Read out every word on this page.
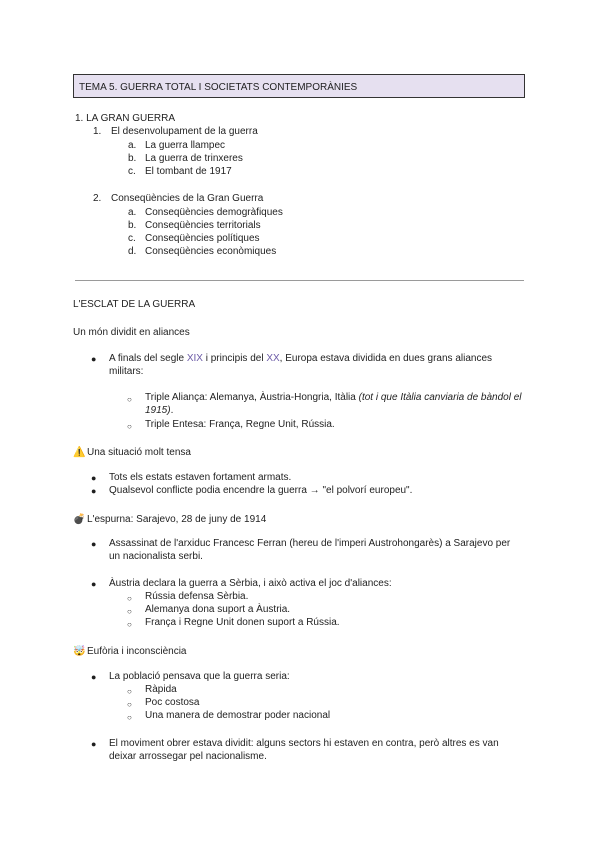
TEMA 5. GUERRA TOTAL I SOCIETATS CONTEMPORÀNIES
1. LA GRAN GUERRA
1. El desenvolupament de la guerra
a. La guerra llampec
b. La guerra de trinxeres
c. El tombant de 1917
2. Conseqüències de la Gran Guerra
a. Conseqüències demogràfiques
b. Conseqüències territorials
c. Conseqüències polítiques
d. Conseqüències econòmiques
L'ESCLAT DE LA GUERRA
Un món dividit en aliances
● A finals del segle XIX i principis del XX, Europa estava dividida en dues grans aliances
militars:
○ Triple Aliança: Alemanya, Àustria-Hongria, Itàlia (tot i que Itàlia canviaria de bàndol el
1915).
○ Triple Entesa: França, Regne Unit, Rússia.
⚠️ Una situació molt tensa
● Tots els estats estaven fortament armats.
● Qualsevol conflicte podia encendre la guerra → "el polvorí europeu".
💣 L'espurna: Sarajevo, 28 de juny de 1914
● Assassinat de l'arxiduc Francesc Ferran (hereu de l'imperi Austrohongarès) a Sarajevo per
un nacionalista serbi.
● Àustria declara la guerra a Sèrbia, i això activa el joc d'aliances:
○ Rússia defensa Sèrbia.
○ Alemanya dona suport a Àustria.
○ França i Regne Unit donen suport a Rússia.
🤯 Eufòria i inconsciència
● La població pensava que la guerra seria:
○ Ràpida
○ Poc costosa
○ Una manera de demostrar poder nacional
● El moviment obrer estava dividit: alguns sectors hi estaven en contra, però altres es van
deixar arrossegar pel nacionalisme.
